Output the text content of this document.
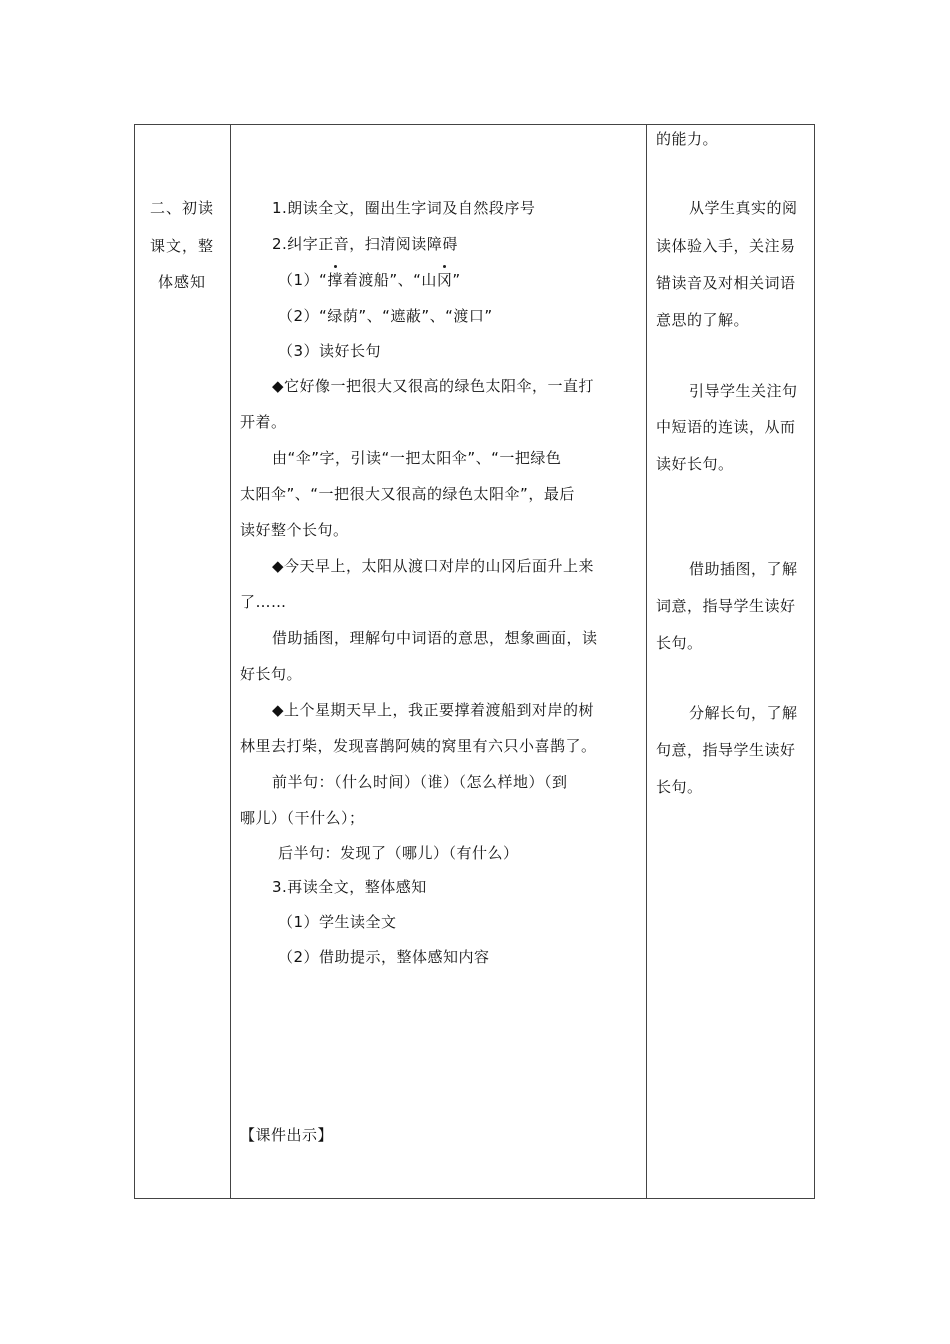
二、初读
课文，整
体感知
1.朗读全文，圈出生字词及自然段序号
2.纠字正音，扫清阅读障碍
（1）“撑着渡船”、“山冈”
（2）“绿荫”、“遮蔽”、“渡口”
（3）读好长句
◆它好像一把很大又很高的绿色太阳伞，一直打
开着。
由“伞”字，引读“一把太阳伞”、“一把绿色
太阳伞”、“一把很大又很高的绿色太阳伞”，最后
读好整个长句。
◆今天早上，太阳从渡口对岸的山冈后面升上来
了……
借助插图，理解句中词语的意思，想象画面，读
好长句。
◆上个星期天早上，我正要撑着渡船到对岸的树
林里去打柴，发现喜鹊阿姨的窝里有六只小喜鹊了。
前半句：（什么时间）（谁）（怎么样地）（到
哪儿）（干什么）；
后半句：发现了（哪儿）（有什么）
3.再读全文，整体感知
（1）学生读全文
（2）借助提示，整体感知内容
【课件出示】
的能力。
从学生真实的阅
读体验入手，关注易
错读音及对相关词语
意思的了解。
引导学生关注句
中短语的连读，从而
读好长句。
借助插图，了解
词意，指导学生读好
长句。
分解长句，了解
句意，指导学生读好
长句。
